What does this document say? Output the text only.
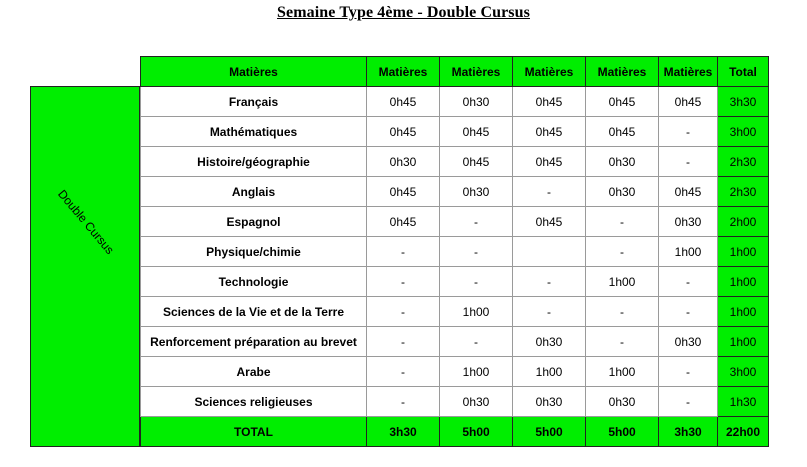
Semaine Type 4ème - Double Cursus
Double Cursus
Matières	Matières	Matières	Matières	Matières	Matières	Total
Français	0h45	0h30	0h45	0h45	0h45	3h30
Mathématiques	0h45	0h45	0h45	0h45	-	3h00
Histoire/géographie	0h30	0h45	0h45	0h30	-	2h30
Anglais	0h45	0h30	-	0h30	0h45	2h30
Espagnol	0h45	-	0h45	-	0h30	2h00
Physique/chimie	-	-		-	1h00	1h00
Technologie	-	-	-	1h00	-	1h00
Sciences de la Vie et de la Terre	-	1h00	-	-	-	1h00
Renforcement préparation au brevet	-	-	0h30	-	0h30	1h00
Arabe	-	1h00	1h00	1h00	-	3h00
Sciences religieuses	-	0h30	0h30	0h30	-	1h30
TOTAL	3h30	5h00	5h00	5h00	3h30	22h00
